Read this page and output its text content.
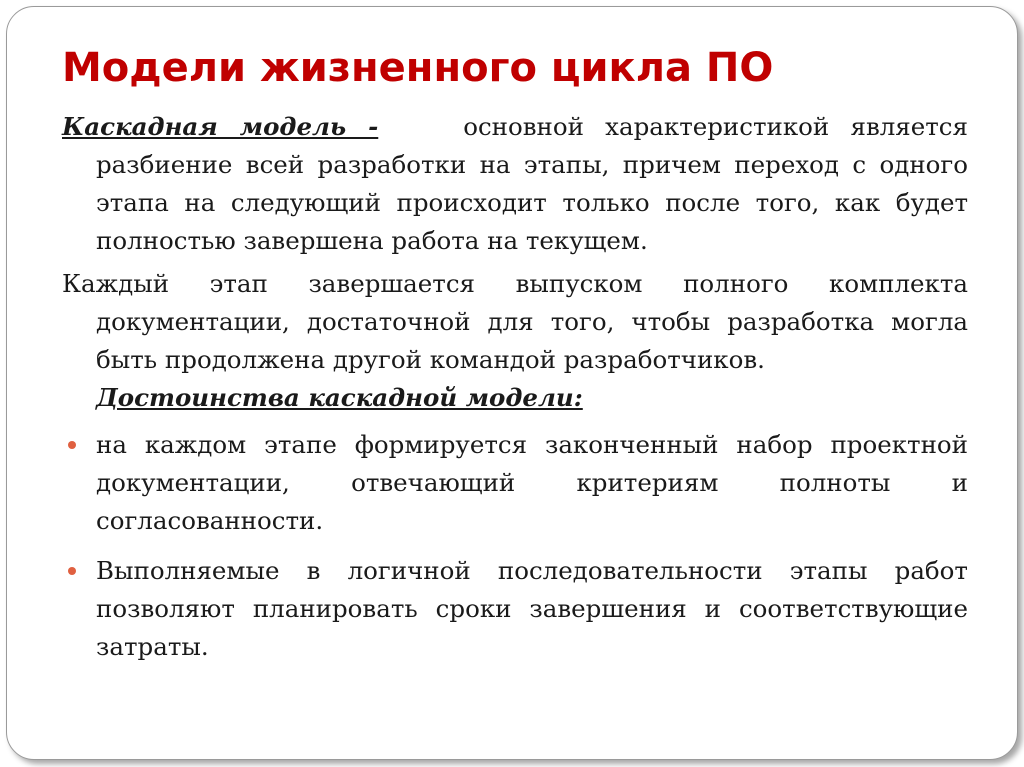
Модели жизненного цикла ПО

Каскадная модель -	основной характеристикой является разбиение всей разработки на этапы, причем переход с одного этапа на следующий происходит только после того, как будет полностью завершена работа на текущем.

Каждый этап завершается выпуском полного комплекта документации, достаточной для того, чтобы разработка могла быть продолжена другой командой разработчиков.

Достоинства каскадной модели:

на каждом этапе формируется законченный набор проектной документации, отвечающий критериям полноты и согласованности.
Выполняемые в логичной последовательности этапы работ позволяют планировать сроки завершения и соответствующие затраты.
